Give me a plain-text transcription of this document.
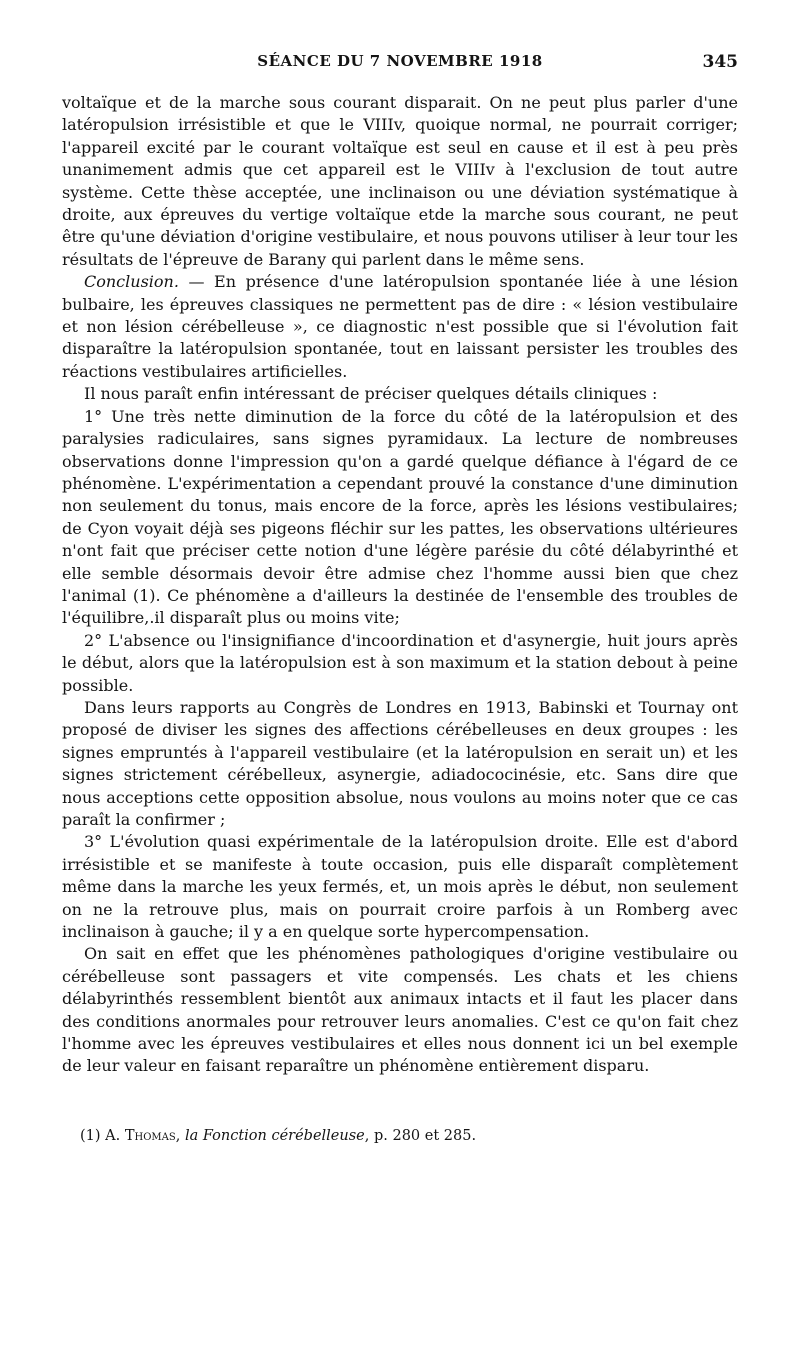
SÉANCE DU 7 NOVEMBRE 1918	345

voltaïque et de la marche sous courant disparait. On ne peut plus parler d'une latéropulsion irrésistible et que le VIIIv, quoique normal, ne pourrait corriger; l'appareil excité par le courant voltaïque est seul en cause et il est à peu près unanimement admis que cet appareil est le VIIIv à l'exclusion de tout autre système. Cette thèse acceptée, une inclinaison ou une déviation systématique à droite, aux épreuves du vertige voltaïque etde la marche sous courant, ne peut être qu'une déviation d'origine vestibulaire, et nous pouvons utiliser à leur tour les résultats de l'épreuve de Barany qui parlent dans le même sens.

Conclusion. — En présence d'une latéropulsion spontanée liée à une lésion bulbaire, les épreuves classiques ne permettent pas de dire : « lésion vestibulaire et non lésion cérébelleuse », ce diagnostic n'est possible que si l'évolution fait disparaître la latéropulsion spontanée, tout en laissant persister les troubles des réactions vestibulaires artificielles.

Il nous paraît enfin intéressant de préciser quelques détails cliniques :

1° Une très nette diminution de la force du côté de la latéropulsion et des paralysies radiculaires, sans signes pyramidaux. La lecture de nombreuses observations donne l'impression qu'on a gardé quelque défiance à l'égard de ce phénomène. L'expérimentation a cependant prouvé la constance d'une diminution non seulement du tonus, mais encore de la force, après les lésions vestibulaires; de Cyon voyait déjà ses pigeons fléchir sur les pattes, les observations ultérieures n'ont fait que préciser cette notion d'une légère parésie du côté délabyrinthé et elle semble désormais devoir être admise chez l'homme aussi bien que chez l'animal (1). Ce phénomène a d'ailleurs la destinée de l'ensemble des troubles de l'équilibre,.il disparaît plus ou moins vite;

2° L'absence ou l'insignifiance d'incoordination et d'asynergie, huit jours après le début, alors que la latéropulsion est à son maximum et la station debout à peine possible.

Dans leurs rapports au Congrès de Londres en 1913, Babinski et Tournay ont proposé de diviser les signes des affections cérébelleuses en deux groupes : les signes empruntés à l'appareil vestibulaire (et la latéropulsion en serait un) et les signes strictement cérébelleux, asynergie, adiadococinésie, etc. Sans dire que nous acceptions cette opposition absolue, nous voulons au moins noter que ce cas paraît la confirmer ;

3° L'évolution quasi expérimentale de la latéropulsion droite. Elle est d'abord irrésistible et se manifeste à toute occasion, puis elle disparaît complètement même dans la marche les yeux fermés, et, un mois après le début, non seulement on ne la retrouve plus, mais on pourrait croire parfois à un Romberg avec inclinaison à gauche; il y a en quelque sorte hypercompensation.

On sait en effet que les phénomènes pathologiques d'origine vestibulaire ou cérébelleuse sont passagers et vite compensés. Les chats et les chiens délabyrinthés ressemblent bientôt aux animaux intacts et il faut les placer dans des conditions anormales pour retrouver leurs anomalies. C'est ce qu'on fait chez l'homme avec les épreuves vestibulaires et elles nous donnent ici un bel exemple de leur valeur en faisant reparaître un phénomène entièrement disparu.

(1) A. Thomas, la Fonction cérébelleuse, p. 280 et 285.
